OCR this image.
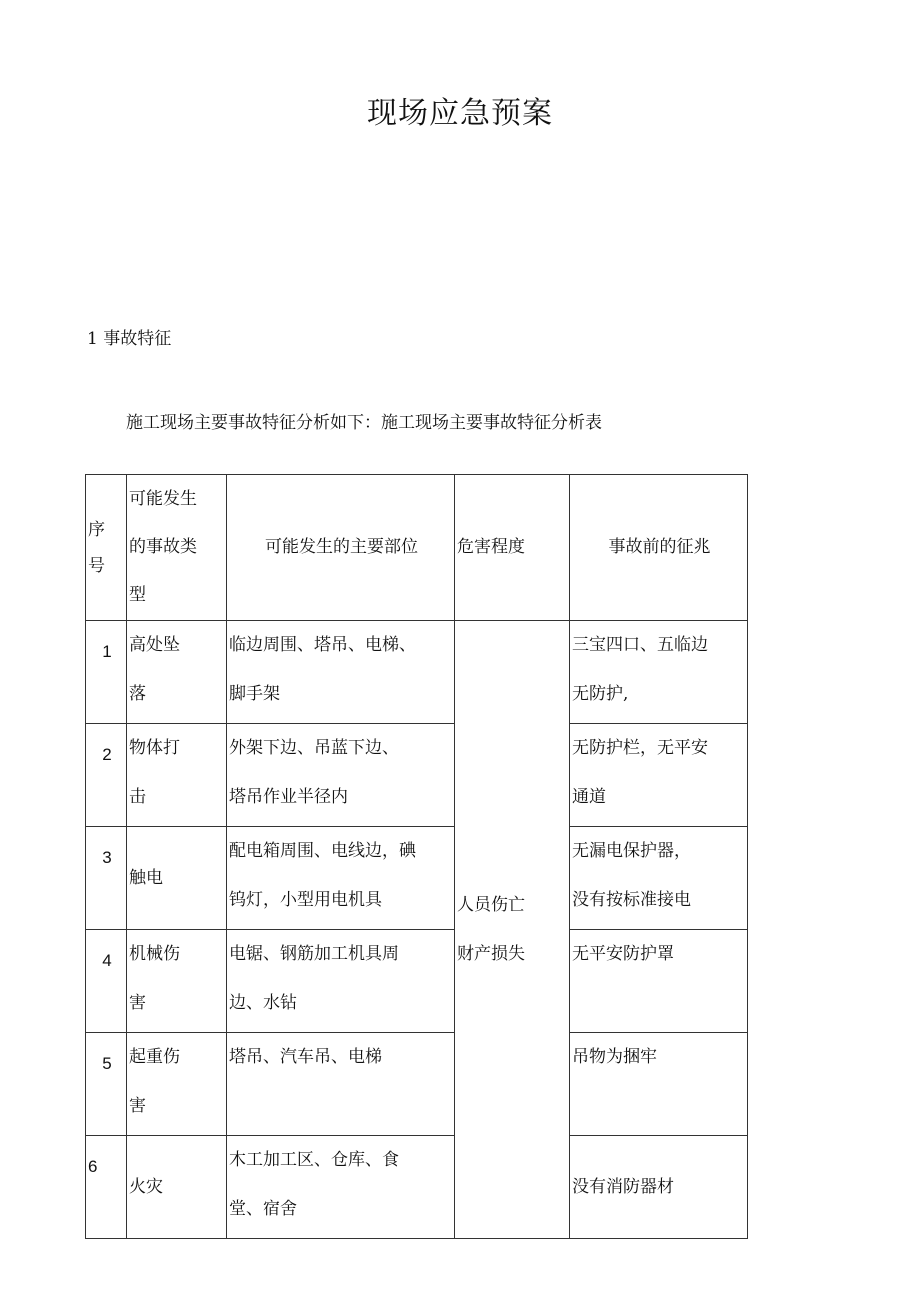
现场应急预案
1 事故特征
施工现场主要事故特征分析如下：施工现场主要事故特征分析表
序号	可能发生的事故类型	可能发生的主要部位	危害程度	事故前的征兆
1	高处坠落	临边周围、塔吊、电梯、脚手架	人员伤亡财产损失	三宝四口、五临边无防护,

2	物体打击	外架下边、吊蓝下边、塔吊作业半径内		无防护栏，无平安通道

3	触电	配电箱周围、电线边，碘钨灯，小型用电机具		无漏电保护器，没有按标准接电

4	机械伤害	电锯、钢筋加工机具周边、水钻		无平安防护罩
5	起重伤害	塔吊、汽车吊、电梯		吊物为捆牢
6	火灾	木工加工区、仓库、食堂、宿舍		没有消防器材
